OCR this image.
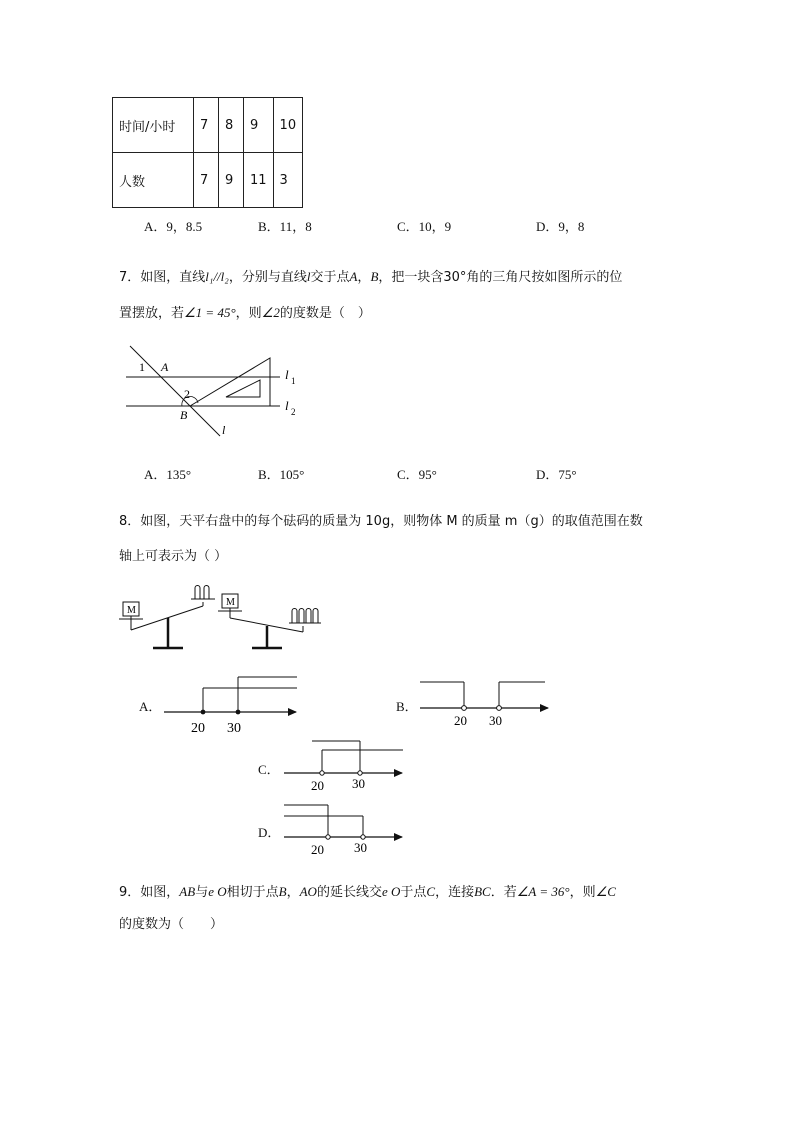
时间/小时	7	8	9	10
人数	7	9	11	3
A．9，8.5	B．11，8	C．10，9	D．9，8
7．如图，直线l₁//l₂，分别与直线l交于点A，B，把一块含30°角的三角尺按如图所示的位
置摆放，若∠1 = 45°，则∠2的度数是（　）
1 A
2
B
l
l 1
l 2
A．135°	B．105°	C．95°	D．75°
8．如图，天平右盘中的每个砝码的质量为 10g，则物体 M 的质量 m（g）的取值范围在数
轴上可表示为（ ）
M
M
A．
20 30
B．
20 30
C．
20 30
D．
20 30
9．如图，AB与e O相切于点B，AO的延长线交e O于点C，连接BC．若∠A = 36°，则∠C
的度数为（　　）
